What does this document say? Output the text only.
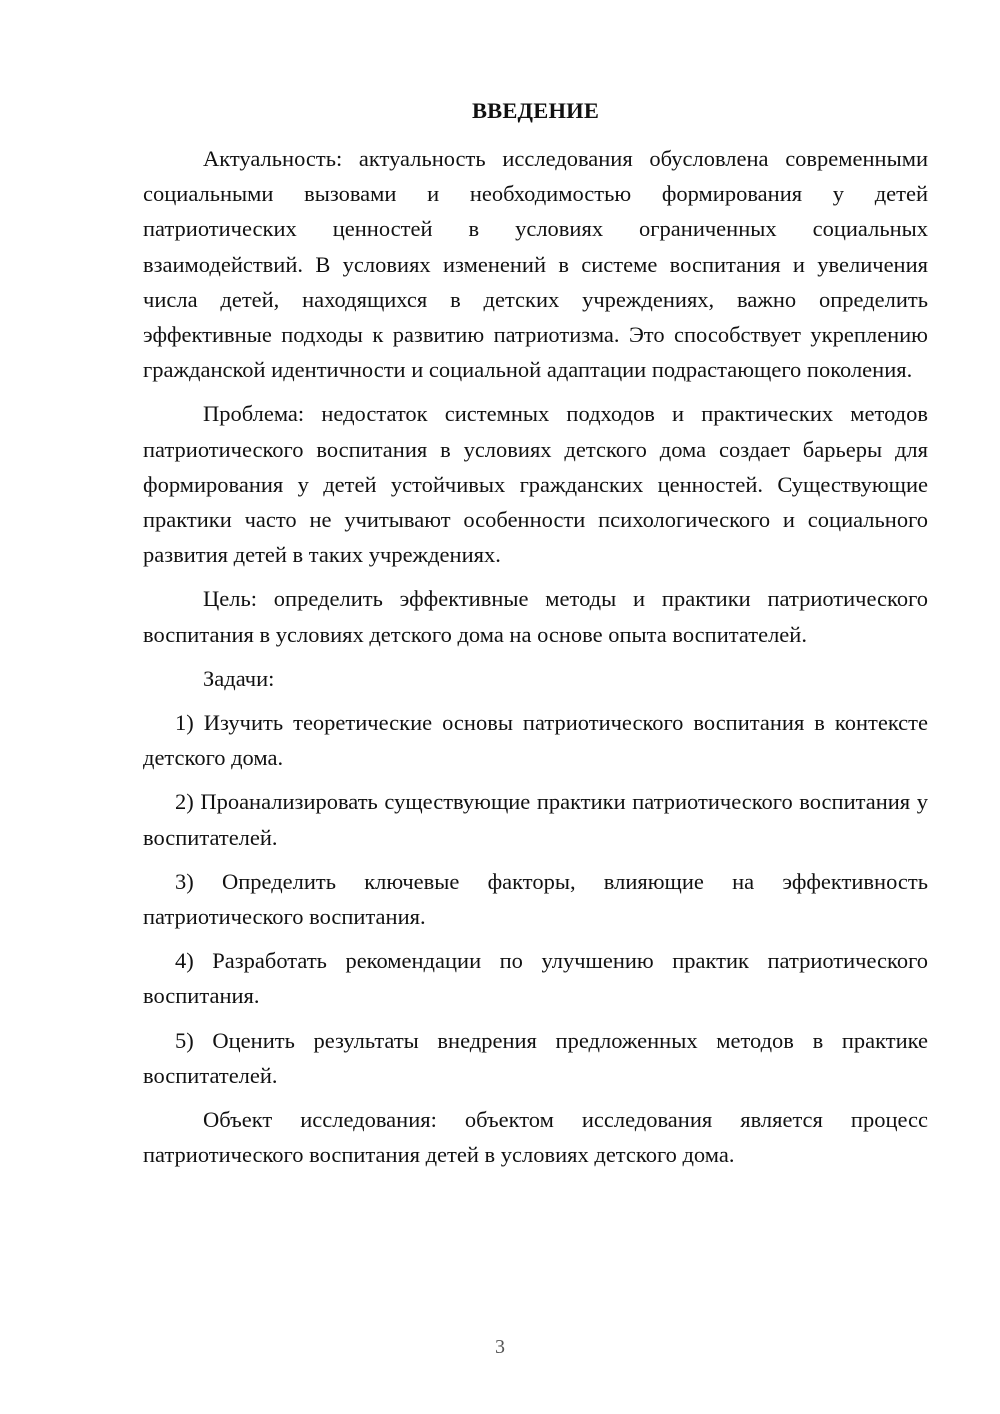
ВВЕДЕНИЕ

Актуальность: актуальность исследования обусловлена современными социальными вызовами и необходимостью формирования у детей патриотических ценностей в условиях ограниченных социальных взаимодействий. В условиях изменений в системе воспитания и увеличения числа детей, находящихся в детских учреждениях, важно определить эффективные подходы к развитию патриотизма. Это способствует укреплению гражданской идентичности и социальной адаптации подрастающего поколения.

Проблема: недостаток системных подходов и практических методов патриотического воспитания в условиях детского дома создает барьеры для формирования у детей устойчивых гражданских ценностей. Существующие практики часто не учитывают особенности психологического и социального развития детей в таких учреждениях.

Цель: определить эффективные методы и практики патриотического воспитания в условиях детского дома на основе опыта воспитателей.

Задачи:

1) Изучить теоретические основы патриотического воспитания в контексте детского дома.

2) Проанализировать существующие практики патриотического воспитания у воспитателей.

3) Определить ключевые факторы, влияющие на эффективность патриотического воспитания.

4) Разработать рекомендации по улучшению практик патриотического воспитания.

5) Оценить результаты внедрения предложенных методов в практике воспитателей.

Объект исследования: объектом исследования является процесс патриотического воспитания детей в условиях детского дома.

3
